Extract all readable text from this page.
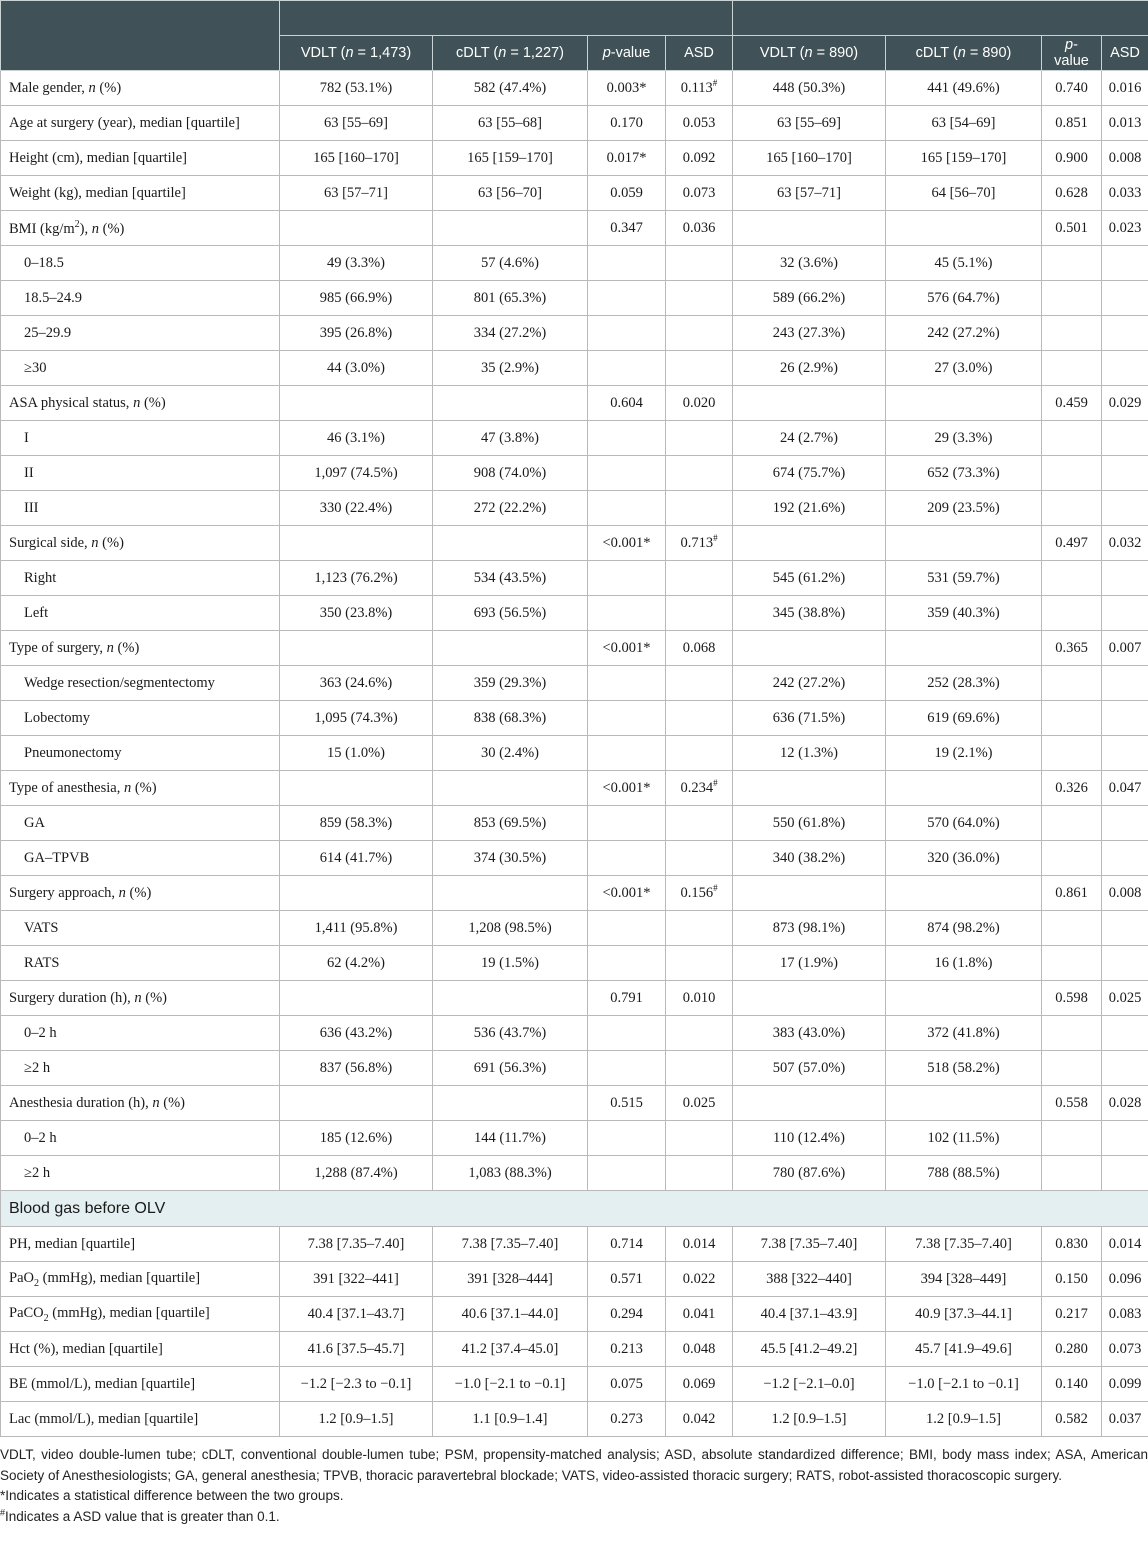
	VDLT (n = 1,473)	cDLT (n = 1,227)	p-value	ASD	VDLT (n = 890)	cDLT (n = 890)	p-value	ASD
Male gender, n (%)	782 (53.1%)	582 (47.4%)	0.003*	0.113#	448 (50.3%)	441 (49.6%)	0.740	0.016
Age at surgery (year), median [quartile]	63 [55–69]	63 [55–68]	0.170	0.053	63 [55–69]	63 [54–69]	0.851	0.013
Height (cm), median [quartile]	165 [160–170]	165 [159–170]	0.017*	0.092	165 [160–170]	165 [159–170]	0.900	0.008
Weight (kg), median [quartile]	63 [57–71]	63 [56–70]	0.059	0.073	63 [57–71]	64 [56–70]	0.628	0.033
BMI $(kg/m^2)$, n (%)			0.347	0.036			0.501	0.023
0–18.5	49 (3.3%)	57 (4.6%)			32 (3.6%)	45 (5.1%)		
18.5–24.9	985 (66.9%)	801 (65.3%)			589 (66.2%)	576 (64.7%)		
25–29.9	395 (26.8%)	334 (27.2%)			243 (27.3%)	242 (27.2%)		
≥30	44 (3.0%)	35 (2.9%)			26 (2.9%)	27 (3.0%)		
ASA physical status, n (%)			0.604	0.020			0.459	0.029
I	46 (3.1%)	47 (3.8%)			24 (2.7%)	29 (3.3%)		
II	1,097 (74.5%)	908 (74.0%)			674 (75.7%)	652 (73.3%)		
III	330 (22.4%)	272 (22.2%)			192 (21.6%)	209 (23.5%)		
Surgical side, n (%)			<0.001*	0.713#			0.497	0.032
Right	1,123 (76.2%)	534 (43.5%)			545 (61.2%)	531 (59.7%)		
Left	350 (23.8%)	693 (56.5%)			345 (38.8%)	359 (40.3%)		
Type of surgery, n (%)			<0.001*	0.068			0.365	0.007
Wedge resection/segmentectomy	363 (24.6%)	359 (29.3%)			242 (27.2%)	252 (28.3%)		
Lobectomy	1,095 (74.3%)	838 (68.3%)			636 (71.5%)	619 (69.6%)		
Pneumonectomy	15 (1.0%)	30 (2.4%)			12 (1.3%)	19 (2.1%)		
Type of anesthesia, n (%)			<0.001*	0.234#			0.326	0.047
GA	859 (58.3%)	853 (69.5%)			550 (61.8%)	570 (64.0%)		
GA–TPVB	614 (41.7%)	374 (30.5%)			340 (38.2%)	320 (36.0%)		
Surgery approach, n (%)			<0.001*	0.156#			0.861	0.008
VATS	1,411 (95.8%)	1,208 (98.5%)			873 (98.1%)	874 (98.2%)		
RATS	62 (4.2%)	19 (1.5%)			17 (1.9%)	16 (1.8%)		
Surgery duration (h), n (%)			0.791	0.010			0.598	0.025
0–2 h	636 (43.2%)	536 (43.7%)			383 (43.0%)	372 (41.8%)		
≥2 h	837 (56.8%)	691 (56.3%)			507 (57.0%)	518 (58.2%)		
Anesthesia duration (h), n (%)			0.515	0.025			0.558	0.028
0–2 h	185 (12.6%)	144 (11.7%)			110 (12.4%)	102 (11.5%)		
≥2 h	1,288 (87.4%)	1,083 (88.3%)			780 (87.6%)	788 (88.5%)		
Blood gas before OLV								
PH, median [quartile]	7.38 [7.35–7.40]	7.38 [7.35–7.40]	0.714	0.014	7.38 [7.35–7.40]	7.38 [7.35–7.40]	0.830	0.014
PaO$_2$ (mmHg), median [quartile]	391 [322–441]	391 [328–444]	0.571	0.022	388 [322–440]	394 [328–449]	0.150	0.096
PaCO$_2$ (mmHg), median [quartile]	40.4 [37.1–43.7]	40.6 [37.1–44.0]	0.294	0.041	40.4 [37.1–43.9]	40.9 [37.3–44.1]	0.217	0.083
Hct (%), median [quartile]	41.6 [37.5–45.7]	41.2 [37.4–45.0]	0.213	0.048	45.5 [41.2–49.2]	45.7 [41.9–49.6]	0.280	0.073
BE (mmol/L), median [quartile]	−1.2 [−2.3 to −0.1]	−1.0 [−2.1 to −0.1]	0.075	0.069	−1.2 [−2.1–0.0]	−1.0 [−2.1 to −0.1]	0.140	0.099
Lac (mmol/L), median [quartile]	1.2 [0.9–1.5]	1.1 [0.9–1.4]	0.273	0.042	1.2 [0.9–1.5]	1.2 [0.9–1.5]	0.582	0.037

VDLT, video double-lumen tube; cDLT, conventional double-lumen tube; PSM, propensity-matched analysis; ASD, absolute standardized difference; BMI, body mass index; ASA, American Society of Anesthesiologists; GA, general anesthesia; TPVB, thoracic paravertebral blockade; VATS, video-assisted thoracic surgery; RATS, robot-assisted thoracoscopic surgery.

*Indicates a statistical difference between the two groups.

#Indicates a ASD value that is greater than 0.1.
